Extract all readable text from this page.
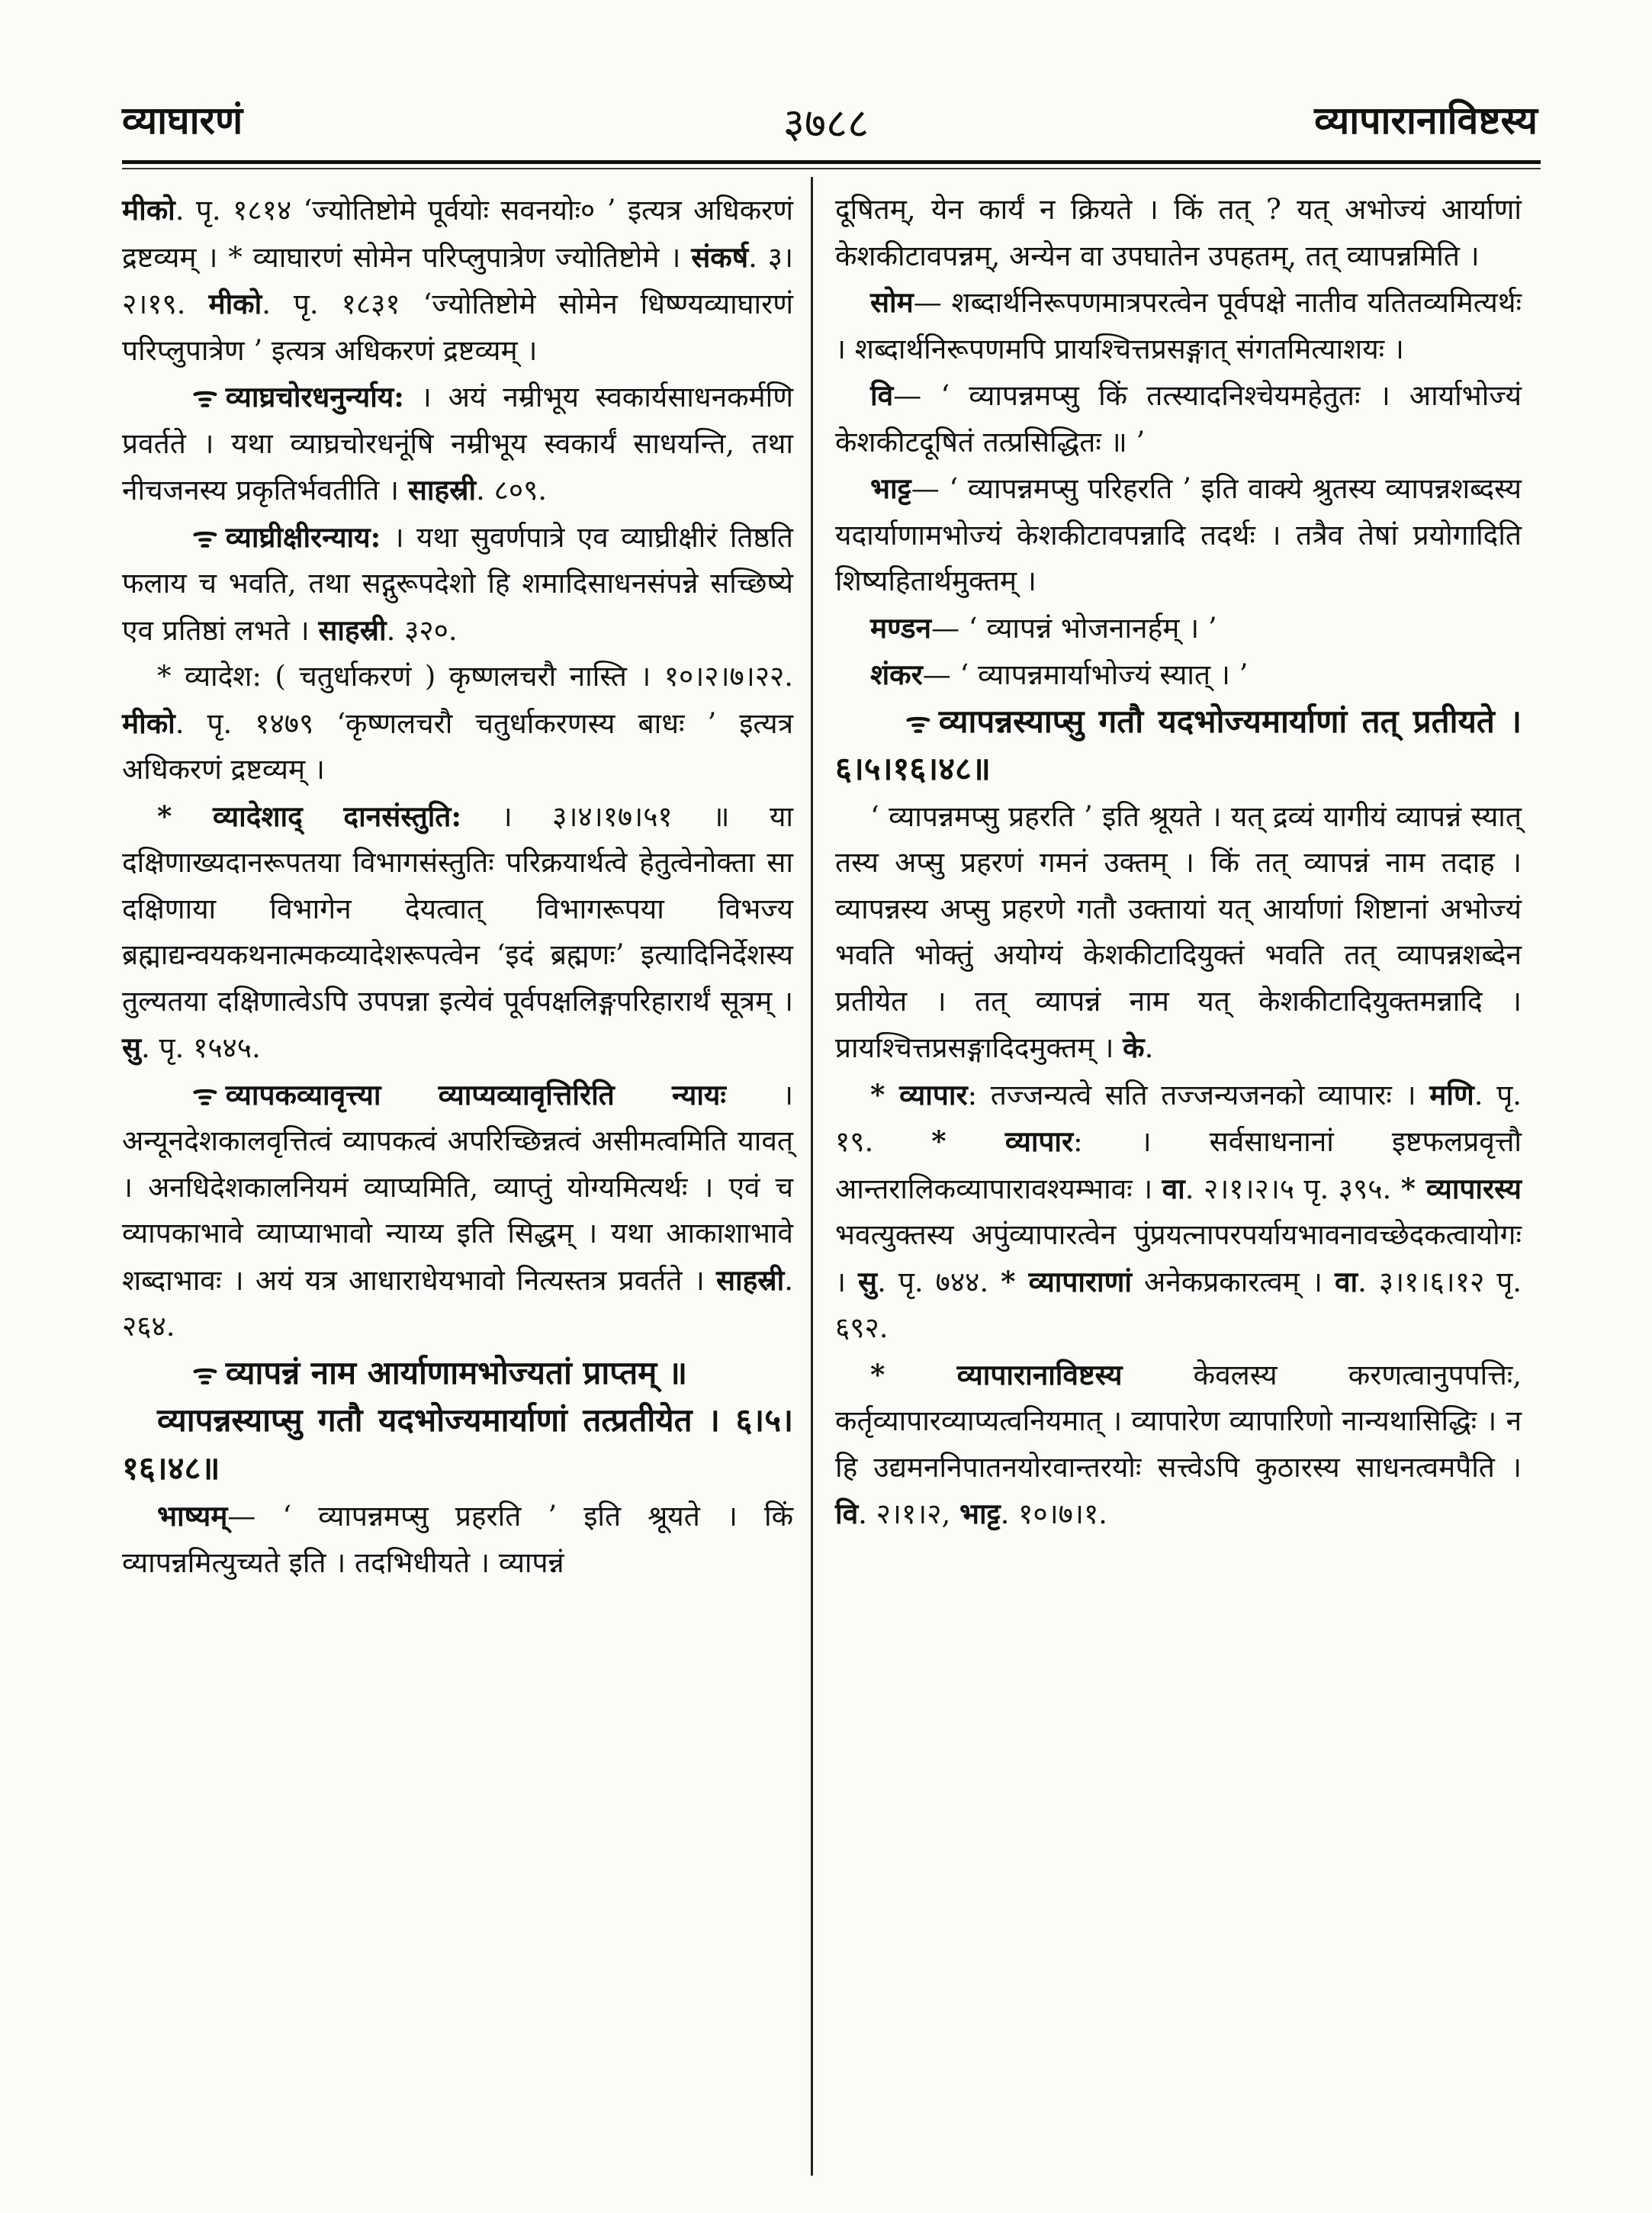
व्याघारणं	३७८८	व्यापारानाविष्टस्य

मीको. पृ. १८१४ ‘ज्योतिष्टोमे पूर्वयोः सवनयोः० ’ इत्यत्र अधिकरणं द्रष्टव्यम् । * व्याघारणं सोमेन परिप्लुपात्रेण ज्योतिष्टोमे । संकर्ष. ३।२।१९. मीको. पृ. १८३१ ‘ज्योतिष्टोमे सोमेन धिष्ण्यव्याघारणं परिप्लुपात्रेण ’ इत्यत्र अधिकरणं द्रष्टव्यम् ।

ᯤव्याघ्रचोरधनुर्न्याय: । अयं नम्रीभूय स्वकार्यसाधनकर्मणि प्रवर्तते । यथा व्याघ्रचोरधनूंषि नम्रीभूय स्वकार्यं साधयन्ति, तथा नीचजनस्य प्रकृतिर्भवतीति । साहस्री. ८०९.

ᯤव्याघ्रीक्षीरन्याय: । यथा सुवर्णपात्रे एव व्याघ्रीक्षीरं तिष्ठति फलाय च भवति, तथा सद्गुरूपदेशो हि शमादिसाधनसंपन्ने सच्छिष्ये एव प्रतिष्ठां लभते । साहस्री. ३२०.

* व्यादेश: ( चतुर्धाकरणं ) कृष्णलचरौ नास्ति । १०।२।७।२२. मीको. पृ. १४७९ ‘कृष्णलचरौ चतुर्धाकरणस्य बाधः ’ इत्यत्र अधिकरणं द्रष्टव्यम् ।

* व्यादेशाद् दानसंस्तुति: । ३।४।१७।५१ ॥ या दक्षिणाख्यदानरूपतया विभागसंस्तुतिः परिक्रयार्थत्वे हेतुत्वेनोक्ता सा दक्षिणाया विभागेन देयत्वात् विभागरूपया विभज्य ब्रह्माद्यन्वयकथनात्मकव्यादेशरूपत्वेन ‘इदं ब्रह्मणः’ इत्यादिनिर्देशस्य तुल्यतया दक्षिणात्वेऽपि उपपन्ना इत्येवं पूर्वपक्षलिङ्गपरिहारार्थं सूत्रम् । सु. पृ. १५४५.

ᯤव्यापकव्यावृत्त्या व्याप्यव्यावृत्तिरिति न्यायः । अन्यूनदेशकालवृत्तित्वं व्यापकत्वं अपरिच्छिन्नत्वं असीमत्वमिति यावत् । अनधिदेशकालनियमं व्याप्यमिति, व्याप्तुं योग्यमित्यर्थः । एवं च व्यापकाभावे व्याप्याभावो न्याय्य इति सिद्धम् । यथा आकाशाभावे शब्दाभावः । अयं यत्र आधाराधेयभावो नित्यस्तत्र प्रवर्तते । साहस्री. २६४.

ᯤव्यापन्नं नाम आर्याणामभोज्यतां प्राप्तम् ॥

व्यापन्नस्याप्सु गतौ यदभोज्यमार्याणां तत्प्रतीयेत । ६।५।१६।४८॥

भाष्यम्— ‘ व्यापन्नमप्सु प्रहरति ’ इति श्रूयते । किं व्यापन्नमित्युच्यते इति । तदभिधीयते । व्यापन्नं

दूषितम्, येन कार्यं न क्रियते । किं तत् ? यत् अभोज्यं आर्याणां केशकीटावपन्नम्, अन्येन वा उपघातेन उपहतम्, तत् व्यापन्नमिति ।

सोम— शब्दार्थनिरूपणमात्रपरत्वेन पूर्वपक्षे नातीव यतितव्यमित्यर्थः । शब्दार्थनिरूपणमपि प्रायश्चित्तप्रसङ्गात् संगतमित्याशयः ।

वि— ‘ व्यापन्नमप्सु किं तत्स्यादनिश्चेयमहेतुतः । आर्याभोज्यं केशकीटदूषितं तत्प्रसिद्धितः ॥ ’

भाट्ट— ‘ व्यापन्नमप्सु परिहरति ’ इति वाक्ये श्रुतस्य व्यापन्नशब्दस्य यदार्याणामभोज्यं केशकीटावपन्नादि तदर्थः । तत्रैव तेषां प्रयोगादिति शिष्यहितार्थमुक्तम् ।

मण्डन— ‘ व्यापन्नं भोजनानर्हम् । ’

शंकर— ‘ व्यापन्नमार्याभोज्यं स्यात् । ’

ᯤव्यापन्नस्याप्सु गतौ यदभोज्यमार्याणां तत् प्रतीयते । ६।५।१६।४८॥

‘ व्यापन्नमप्सु प्रहरति ’ इति श्रूयते । यत् द्रव्यं यागीयं व्यापन्नं स्यात् तस्य अप्सु प्रहरणं गमनं उक्तम् । किं तत् व्यापन्नं नाम तदाह । व्यापन्नस्य अप्सु प्रहरणे गतौ उक्तायां यत् आर्याणां शिष्टानां अभोज्यं भवति भोक्तुं अयोग्यं केशकीटादियुक्तं भवति तत् व्यापन्नशब्देन प्रतीयेत । तत् व्यापन्नं नाम यत् केशकीटादियुक्तमन्नादि । प्रायश्चित्तप्रसङ्गादिदमुक्तम् । के.

* व्यापार: तज्जन्यत्वे सति तज्जन्यजनको व्यापारः । मणि. पृ. १९. * व्यापार: । सर्वसाधनानां इष्टफलप्रवृत्तौ आन्तरालिकव्यापारावश्यम्भावः । वा. २।१।२।५ पृ. ३९५. * व्यापारस्य भवत्युक्तस्य अपुंव्यापारत्वेन पुंप्रयत्नापरपर्यायभावनावच्छेदकत्वायोगः । सु. पृ. ७४४. * व्यापाराणां अनेकप्रकारत्वम् । वा. ३।१।६।१२ पृ. ६९२.

* व्यापारानाविष्टस्य केवलस्य करणत्वानुपपत्तिः, कर्तृव्यापारव्याप्यत्वनियमात् । व्यापारेण व्यापारिणो नान्यथासिद्धिः । न हि उद्यमननिपातनयोरवान्तरयोः सत्त्वेऽपि कुठारस्य साधनत्वमपैति । वि. २।१।२, भाट्ट. १०।७।१.
